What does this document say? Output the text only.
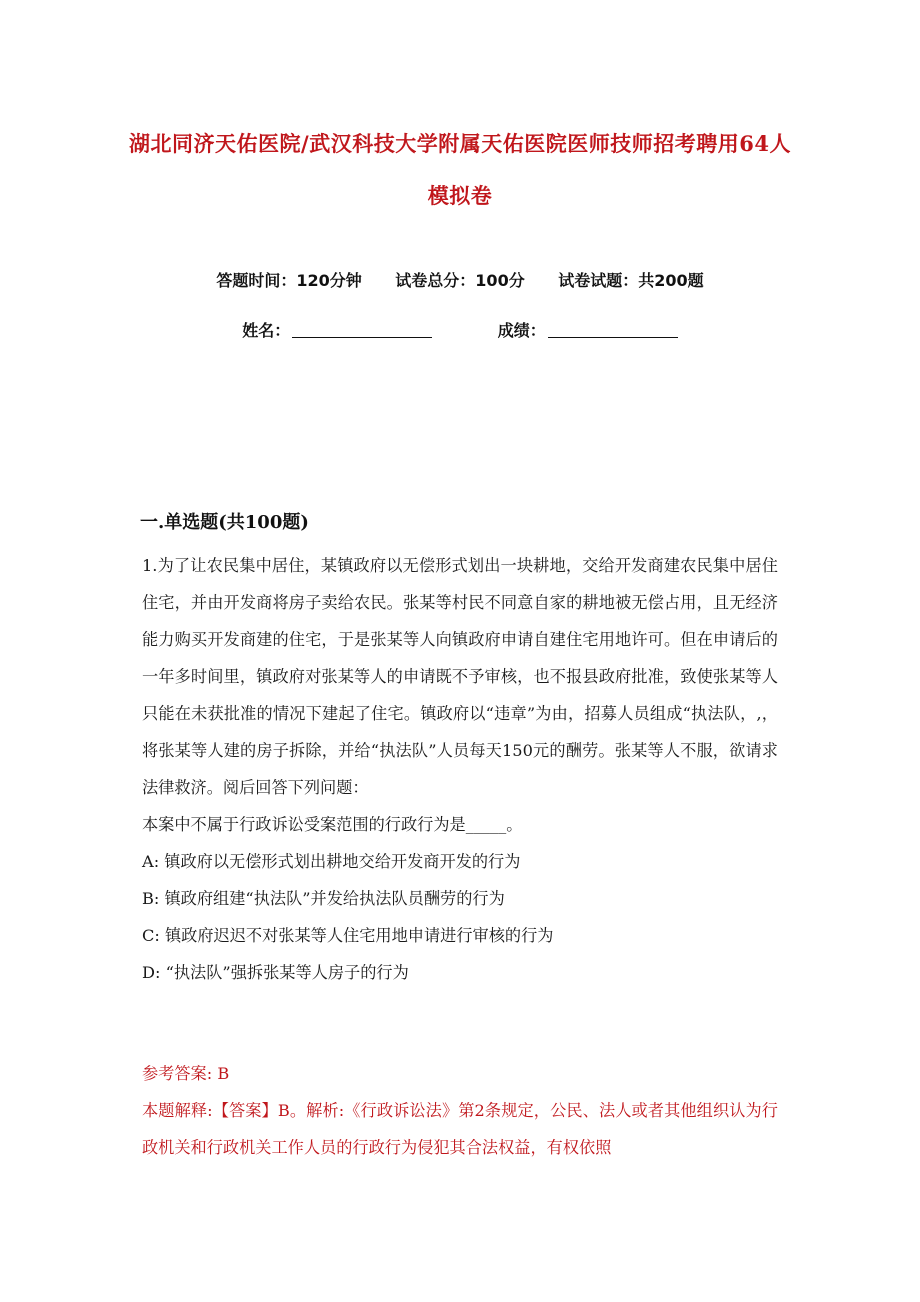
湖北同济天佑医院/武汉科技大学附属天佑医院医师技师招考聘用64人模拟卷
答题时间：120分钟 试卷总分：100分 试卷试题：共200题
姓名：	成绩：
一.单选题(共100题)

1.为了让农民集中居住，某镇政府以无偿形式划出一块耕地，交给开发商建农民集中居住住宅，并由开发商将房子卖给农民。张某等村民不同意自家的耕地被无偿占用，且无经济能力购买开发商建的住宅，于是张某等人向镇政府申请自建住宅用地许可。但在申请后的一年多时间里，镇政府对张某等人的申请既不予审核，也不报县政府批准，致使张某等人只能在未获批准的情况下建起了住宅。镇政府以“违章”为由，招募人员组成“执法队，,，将张某等人建的房子拆除，并给“执法队”人员每天150元的酬劳。张某等人不服，欲请求法律救济。阅后回答下列问题：

本案中不属于行政诉讼受案范围的行政行为是_____。

A: 镇政府以无偿形式划出耕地交给开发商开发的行为

B: 镇政府组建“执法队”并发给执法队员酬劳的行为

C: 镇政府迟迟不对张某等人住宅用地申请进行审核的行为

D: “执法队”强拆张某等人房子的行为

参考答案: B

本题解释:【答案】B。解析:《行政诉讼法》第2条规定，公民、法人或者其他组织认为行政机关和行政机关工作人员的行政行为侵犯其合法权益，有权依照
